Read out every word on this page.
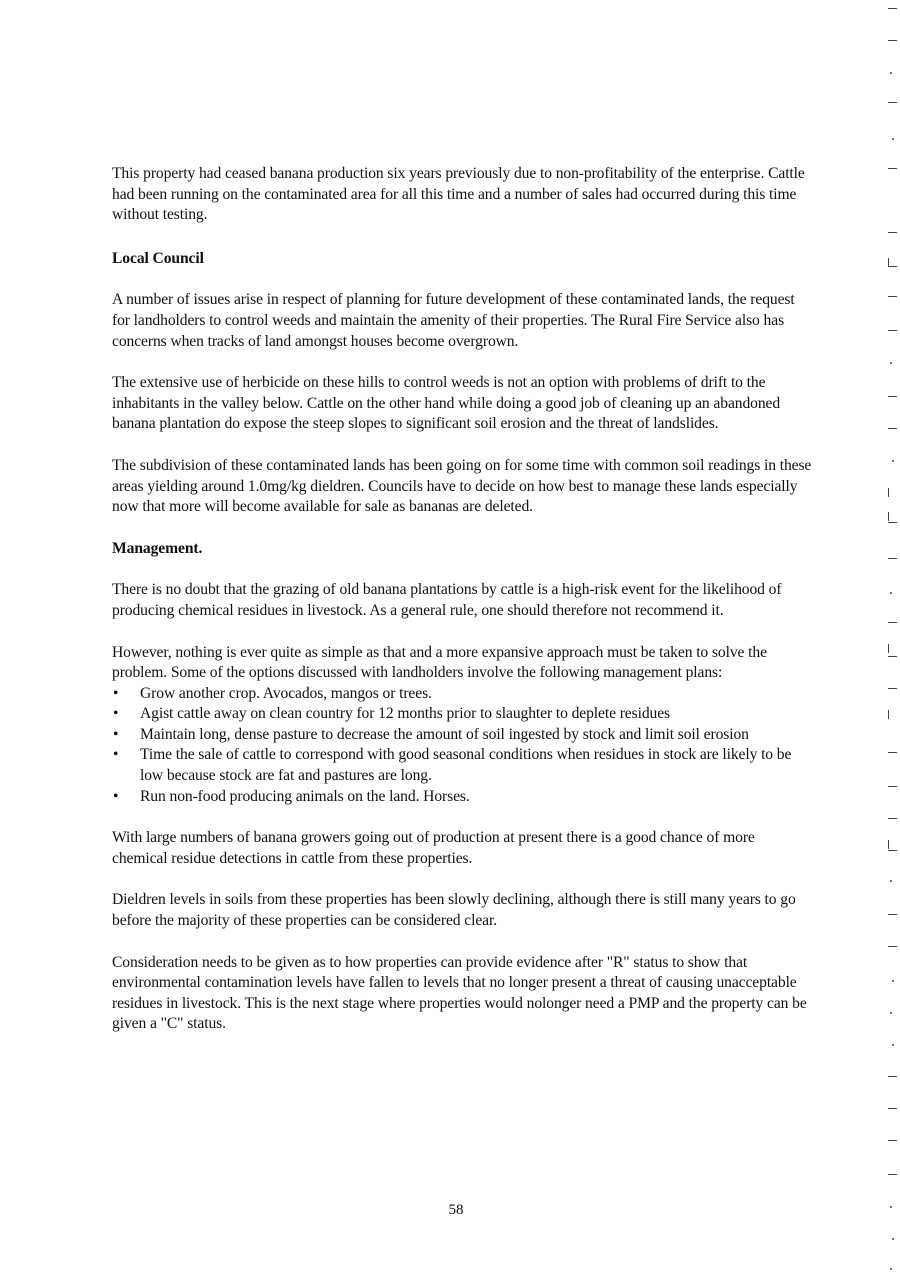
This property had ceased banana production six years previously due to non-profitability of the enterprise. Cattle had been running on the contaminated area for all this time and a number of sales had occurred during this time without testing.

Local Council

A number of issues arise in respect of planning for future development of these contaminated lands, the request for landholders to control weeds and maintain the amenity of their properties. The Rural Fire Service also has concerns when tracks of land amongst houses become overgrown.

The extensive use of herbicide on these hills to control weeds is not an option with problems of drift to the inhabitants in the valley below. Cattle on the other hand while doing a good job of cleaning up an abandoned banana plantation do expose the steep slopes to significant soil erosion and the threat of landslides.

The subdivision of these contaminated lands has been going on for some time with common soil readings in these areas yielding around 1.0mg/kg dieldren. Councils have to decide on how best to manage these lands especially now that more will become available for sale as bananas are deleted.

Management.

There is no doubt that the grazing of old banana plantations by cattle is a high-risk event for the likelihood of producing chemical residues in livestock. As a general rule, one should therefore not recommend it.

However, nothing is ever quite as simple as that and a more expansive approach must be taken to solve the problem. Some of the options discussed with landholders involve the following management plans:

• Grow another crop. Avocados, mangos or trees.
• Agist cattle away on clean country for 12 months prior to slaughter to deplete residues
• Maintain long, dense pasture to decrease the amount of soil ingested by stock and limit soil erosion
• Time the sale of cattle to correspond with good seasonal conditions when residues in stock are likely to be low because stock are fat and pastures are long.
• Run non-food producing animals on the land. Horses.

With large numbers of banana growers going out of production at present there is a good chance of more chemical residue detections in cattle from these properties.

Dieldren levels in soils from these properties has been slowly declining, although there is still many years to go before the majority of these properties can be considered clear.

Consideration needs to be given as to how properties can provide evidence after "R" status to show that environmental contamination levels have fallen to levels that no longer present a threat of causing unacceptable residues in livestock. This is the next stage where properties would nolonger need a PMP and the property can be given a "C" status.

58
